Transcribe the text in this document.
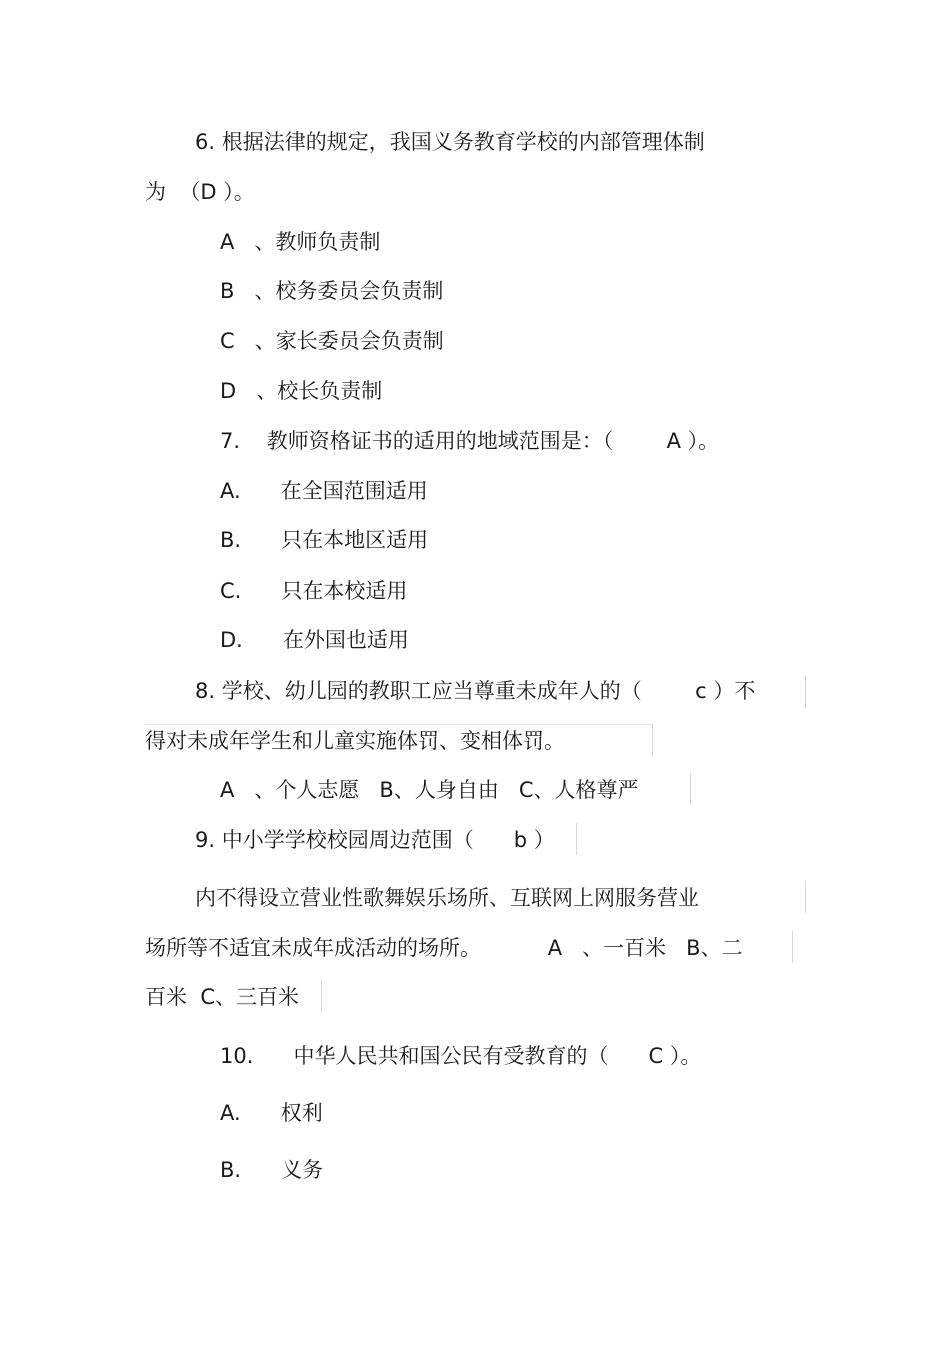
6. 根据法律的规定，我国义务教育学校的内部管理体制
为  （D ）。
A   、教师负责制
B   、校务委员会负责制
C   、家长委员会负责制
D   、校长负责制
7.    教师资格证书的适用的地域范围是：（        A ）。
A.      在全国范围适用
B.      只在本地区适用
C.      只在本校适用
D.      在外国也适用
8. 学校、幼儿园的教职工应当尊重未成年人的（        c ）不
得对未成年学生和儿童实施体罚、变相体罚。
A   、个人志愿   B、人身自由   C、人格尊严
9. 中小学学校校园周边范围（      b ）
内不得设立营业性歌舞娱乐场所、互联网上网服务营业
场所等不适宜未成年成活动的场所。          A   、一百米   B、二
百米  C、三百米
10.      中华人民共和国公民有受教育的（      C ）。
A.      权利
B.      义务
